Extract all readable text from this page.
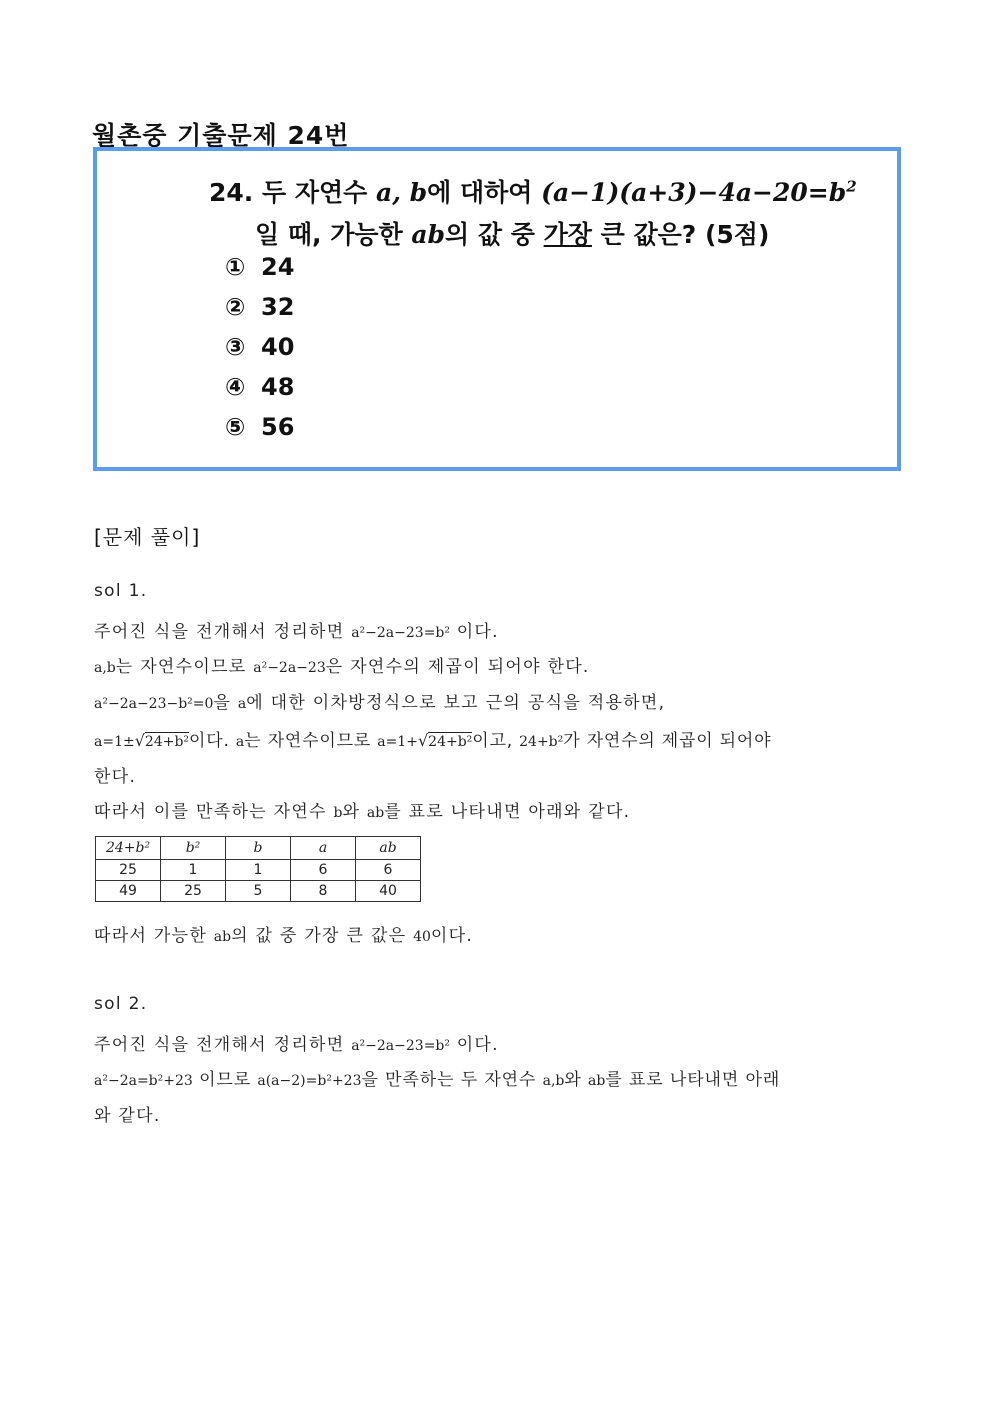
월촌중 기출문제 24번
24. 두 자연수 a, b에 대하여 $(a-1)(a+3)-4a-20=b^2$
일 때, 가능한 ab의 값 중 가장 큰 값은? (5점)
① 24
② 32
③ 40
④ 48
⑤ 56
[문제 풀이]
sol 1.
주어진 식을 전개해서 정리하면 a²−2a−23=b² 이다.
a,b는 자연수이므로 a²−2a−23은 자연수의 제곱이 되어야 한다.
a²−2a−23−b²=0을 a에 대한 이차방정식으로 보고 근의 공식을 적용하면,
a=1±√24+b²이다. a는 자연수이므로 a=1+√24+b²이고, 24+b²가 자연수의 제곱이 되어야
한다.
따라서 이를 만족하는 자연수 b와 ab를 표로 나타내면 아래와 같다.
24+b²	b²	b	a	ab
25	1	1	6	6
49	25	5	8	40
따라서 가능한 ab의 값 중 가장 큰 값은 40이다.
sol 2.
주어진 식을 전개해서 정리하면 a²−2a−23=b² 이다.
a²−2a=b²+23 이므로 a(a−2)=b²+23을 만족하는 두 자연수 a,b와 ab를 표로 나타내면 아래
와 같다.
